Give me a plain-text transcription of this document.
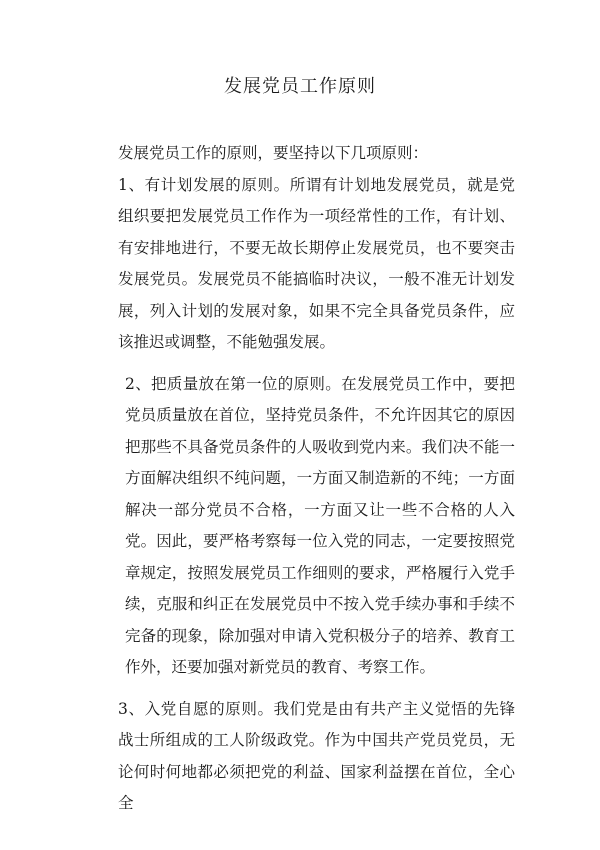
发展党员工作原则

发展党员工作的原则，要坚持以下几项原则：

1、有计划发展的原则。所谓有计划地发展党员，就是党组织要把发展党员工作作为一项经常性的工作，有计划、有安排地进行，不要无故长期停止发展党员，也不要突击发展党员。发展党员不能搞临时决议，一般不准无计划发展，列入计划的发展对象，如果不完全具备党员条件，应该推迟或调整，不能勉强发展。

2、把质量放在第一位的原则。在发展党员工作中，要把党员质量放在首位，坚持党员条件，不允许因其它的原因把那些不具备党员条件的人吸收到党内来。我们决不能一方面解决组织不纯问题，一方面又制造新的不纯；一方面解决一部分党员不合格，一方面又让一些不合格的人入党。因此，要严格考察每一位入党的同志，一定要按照党章规定，按照发展党员工作细则的要求，严格履行入党手续，克服和纠正在发展党员中不按入党手续办事和手续不完备的现象，除加强对申请入党积极分子的培养、教育工作外，还要加强对新党员的教育、考察工作。

3、入党自愿的原则。我们党是由有共产主义觉悟的先锋战士所组成的工人阶级政党。作为中国共产党员党员，无论何时何地都必须把党的利益、国家利益摆在首位，全心全
